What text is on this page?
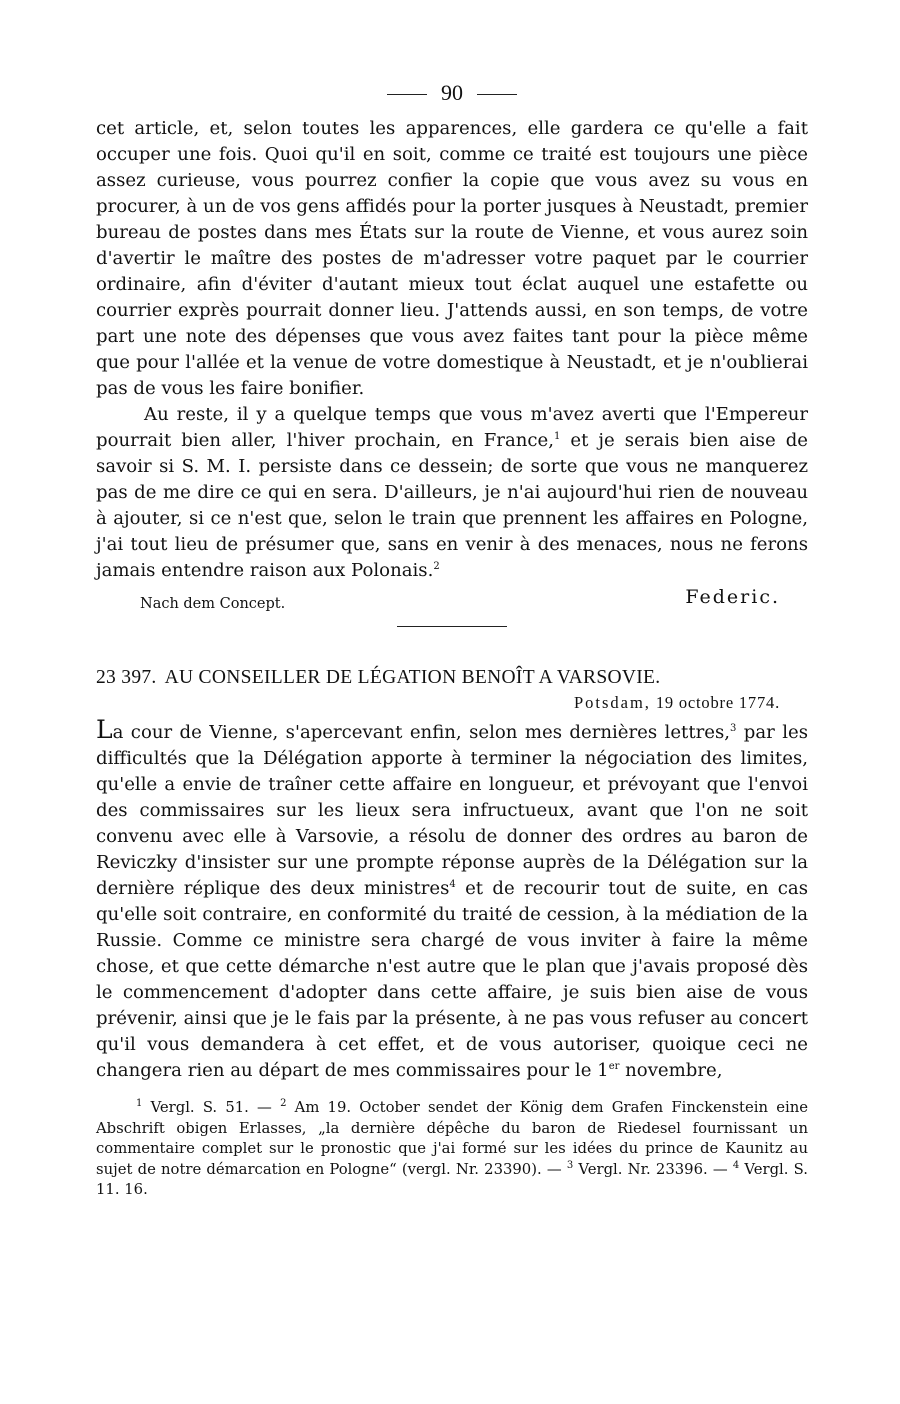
90

cet article, et, selon toutes les apparences, elle gardera ce qu'elle a fait occuper une fois. Quoi qu'il en soit, comme ce traité est toujours une pièce assez curieuse, vous pourrez confier la copie que vous avez su vous en procurer, à un de vos gens affidés pour la porter jusques à Neustadt, premier bureau de postes dans mes États sur la route de Vienne, et vous aurez soin d'avertir le maître des postes de m'adresser votre paquet par le courrier ordinaire, afin d'éviter d'autant mieux tout éclat auquel une estafette ou courrier exprès pourrait donner lieu. J'attends aussi, en son temps, de votre part une note des dépenses que vous avez faites tant pour la pièce même que pour l'allée et la venue de votre domestique à Neustadt, et je n'oublierai pas de vous les faire bonifier.

Au reste, il y a quelque temps que vous m'avez averti que l'Empereur pourrait bien aller, l'hiver prochain, en France,$^1$ et je serais bien aise de savoir si S. M. I. persiste dans ce dessein; de sorte que vous ne manquerez pas de me dire ce qui en sera. D'ailleurs, je n'ai aujourd'hui rien de nouveau à ajouter, si ce n'est que, selon le train que prennent les affaires en Pologne, j'ai tout lieu de présumer que, sans en venir à des menaces, nous ne ferons jamais entendre raison aux Polonais.$^2$

Nach dem Concept.	Federic.
23 397. AU CONSEILLER DE LÉGATION BENOÎT A VARSOVIE.
Potsdam, 19 octobre 1774.
La cour de Vienne, s'apercevant enfin, selon mes dernières lettres,$^3$ par les difficultés que la Délégation apporte à terminer la négociation des limites, qu'elle a envie de traîner cette affaire en longueur, et prévoyant que l'envoi des commissaires sur les lieux sera infructueux, avant que l'on ne soit convenu avec elle à Varsovie, a résolu de donner des ordres au baron de Reviczky d'insister sur une prompte réponse auprès de la Délégation sur la dernière réplique des deux ministres$^4$ et de recourir tout de suite, en cas qu'elle soit contraire, en conformité du traité de cession, à la médiation de la Russie. Comme ce ministre sera chargé de vous inviter à faire la même chose, et que cette démarche n'est autre que le plan que j'avais proposé dès le commencement d'adopter dans cette affaire, je suis bien aise de vous prévenir, ainsi que je le fais par la présente, à ne pas vous refuser au concert qu'il vous demandera à cet effet, et de vous autoriser, quoique ceci ne changera rien au départ de mes commissaires pour le 1er novembre,
$^1$ Vergl. S. 51. — $^2$ Am 19. October sendet der König dem Grafen Finckenstein eine Abschrift obigen Erlasses, „la dernière dépêche du baron de Riedesel fournissant un commentaire complet sur le pronostic que j'ai formé sur les idées du prince de Kaunitz au sujet de notre démarcation en Pologne“ (vergl. Nr. 23390). — $^3$ Vergl. Nr. 23396. — $^4$ Vergl. S. 11. 16.
